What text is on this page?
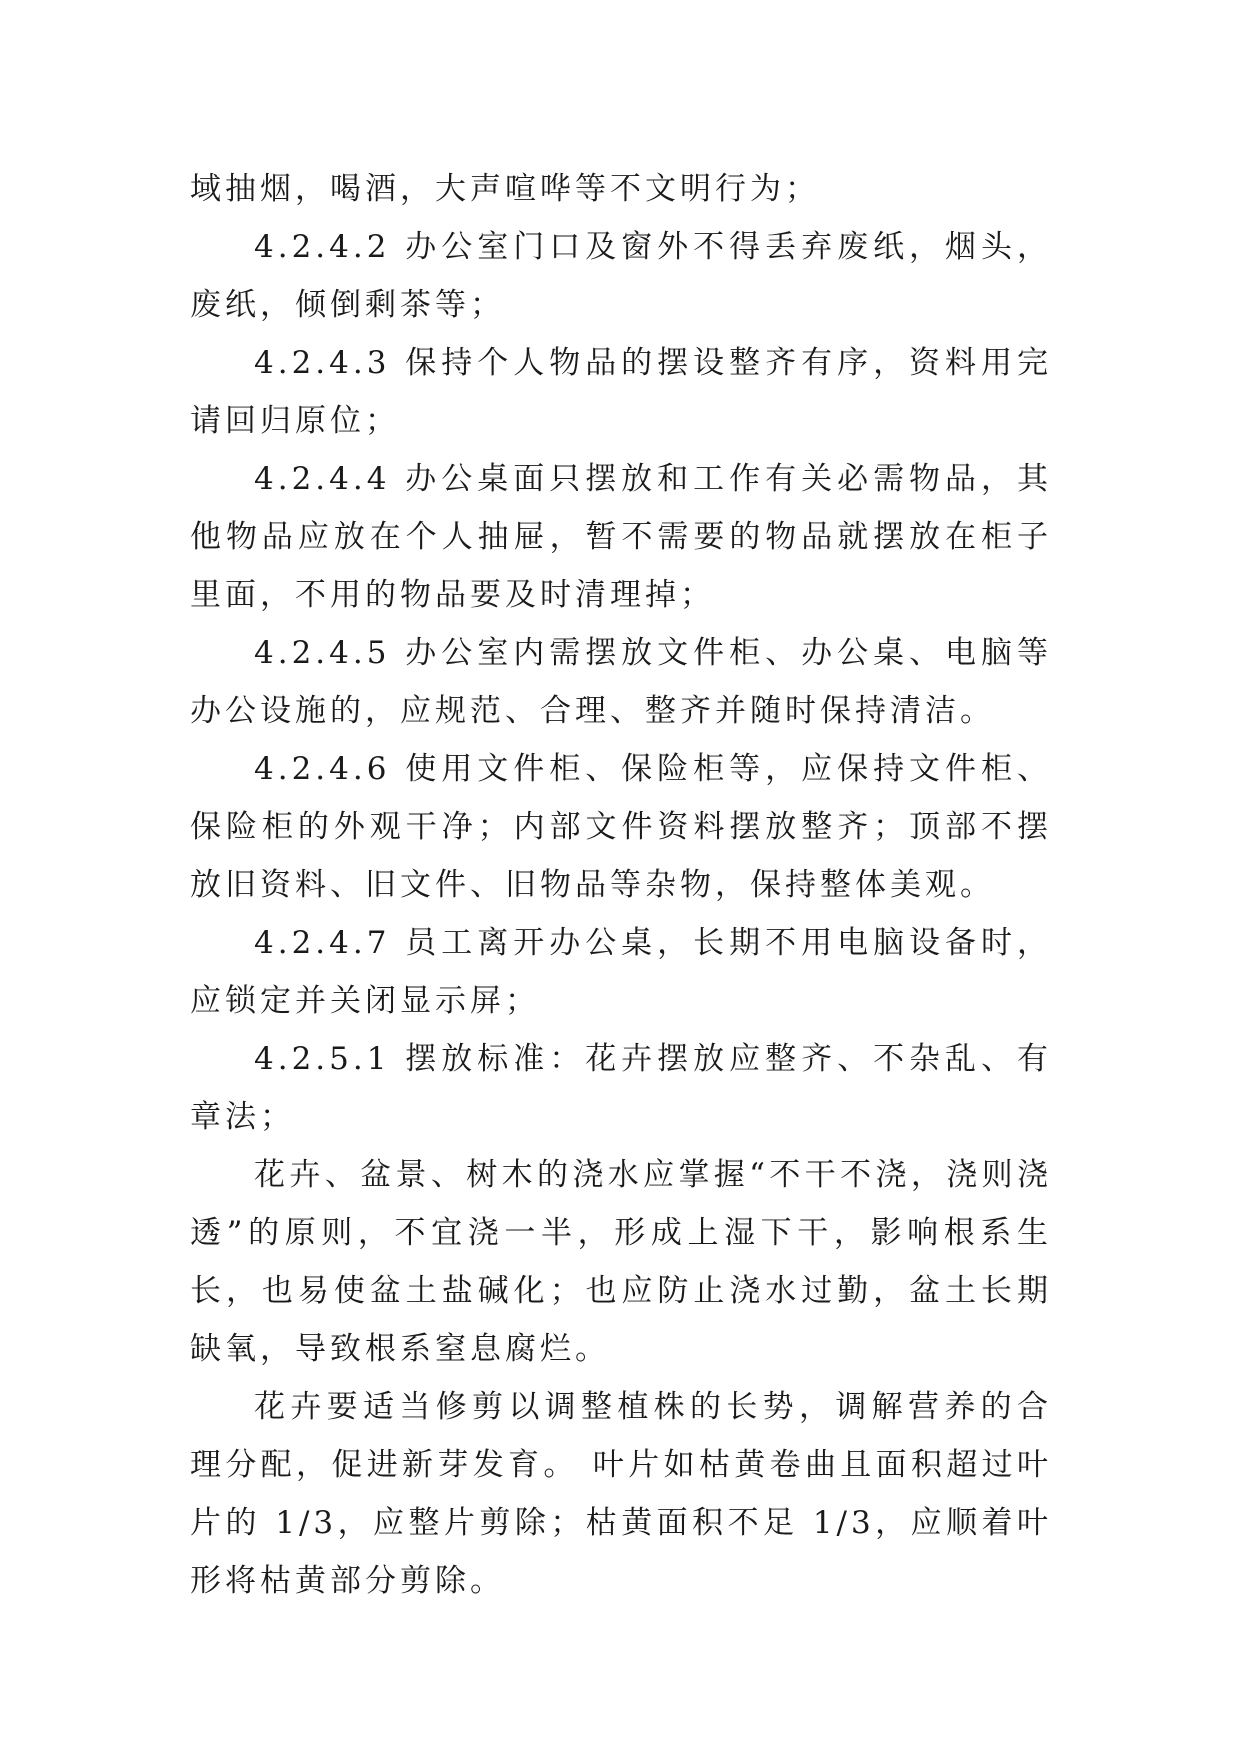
域抽烟，喝酒，大声喧哗等不文明行为；

4.2.4.2 办公室门口及窗外不得丢弃废纸，烟头，废纸，倾倒剩茶等；

4.2.4.3 保持个人物品的摆设整齐有序，资料用完请回归原位；

4.2.4.4 办公桌面只摆放和工作有关必需物品，其他物品应放在个人抽屉，暂不需要的物品就摆放在柜子里面，不用的物品要及时清理掉；

4.2.4.5 办公室内需摆放文件柜、办公桌、电脑等办公设施的，应规范、合理、整齐并随时保持清洁。

4.2.4.6 使用文件柜、保险柜等，应保持文件柜、保险柜的外观干净；内部文件资料摆放整齐；顶部不摆放旧资料、旧文件、旧物品等杂物，保持整体美观。

4.2.4.7 员工离开办公桌，长期不用电脑设备时，应锁定并关闭显示屏；

4.2.5.1 摆放标准：花卉摆放应整齐、不杂乱、有章法；

花卉、盆景、树木的浇水应掌握“不干不浇，浇则浇透”的原则，不宜浇一半，形成上湿下干，影响根系生长，也易使盆土盐碱化；也应防止浇水过勤，盆土长期缺氧，导致根系窒息腐烂。

花卉要适当修剪以调整植株的长势，调解营养的合理分配，促进新芽发育。 叶片如枯黄卷曲且面积超过叶片的 1/3，应整片剪除；枯黄面积不足 1/3，应顺着叶形将枯黄部分剪除。
